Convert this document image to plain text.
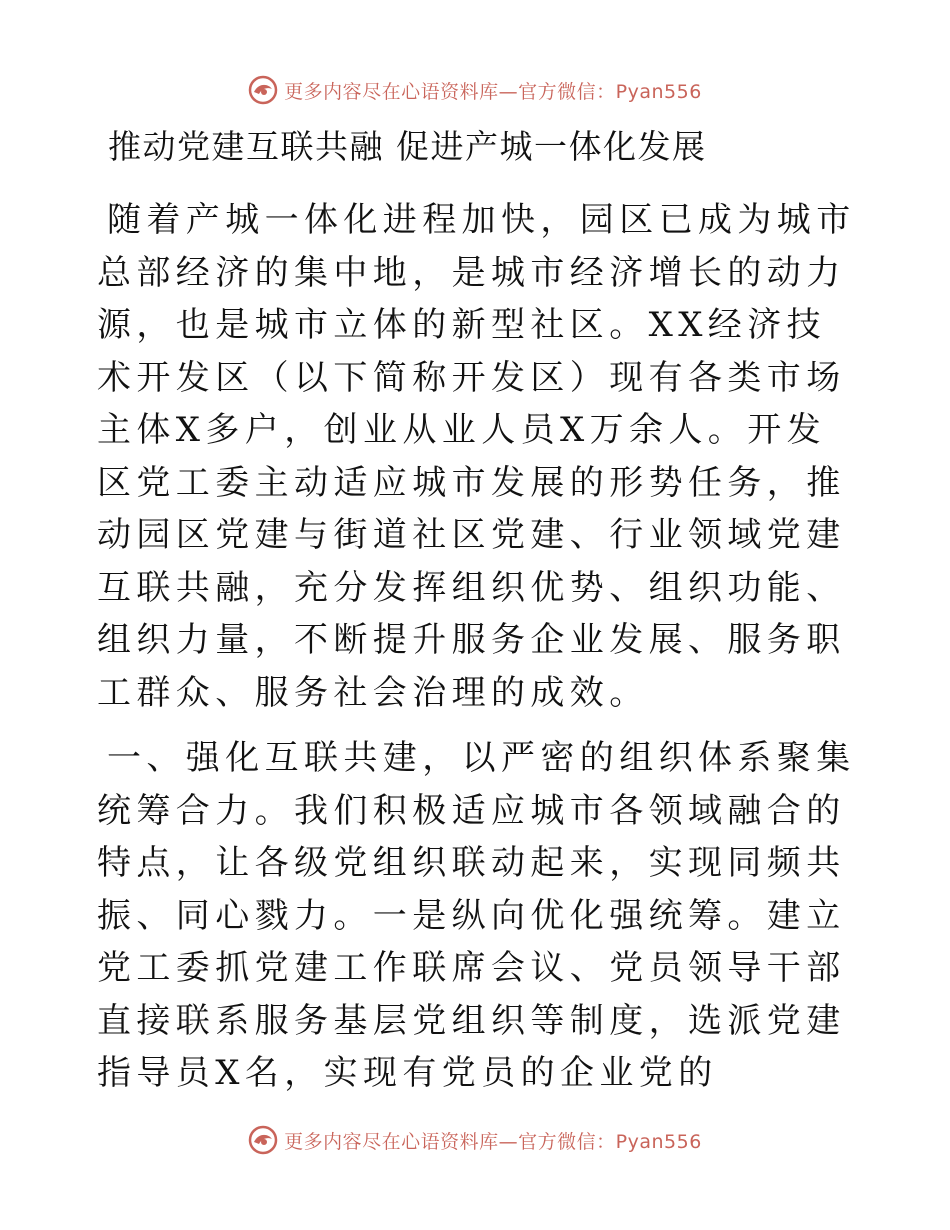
更多内容尽在心语资料库—官方微信：Pyan556
推动党建互联共融 促进产城一体化发展

随着产城一体化进程加快，园区已成为城市总部经济的集中地，是城市经济增长的动力源，也是城市立体的新型社区。XX经济技术开发区（以下简称开发区）现有各类市场主体X多户，创业从业人员X万余人。开发区党工委主动适应城市发展的形势任务，推动园区党建与街道社区党建、行业领域党建互联共融，充分发挥组织优势、组织功能、组织力量，不断提升服务企业发展、服务职工群众、服务社会治理的成效。

一、强化互联共建，以严密的组织体系聚集统筹合力。我们积极适应城市各领域融合的特点，让各级党组织联动起来，实现同频共振、同心戮力。一是纵向优化强统筹。建立党工委抓党建工作联席会议、党员领导干部直接联系服务基层党组织等制度，选派党建指导员X名，实现有党员的企业党的

更多内容尽在心语资料库—官方微信：Pyan556
